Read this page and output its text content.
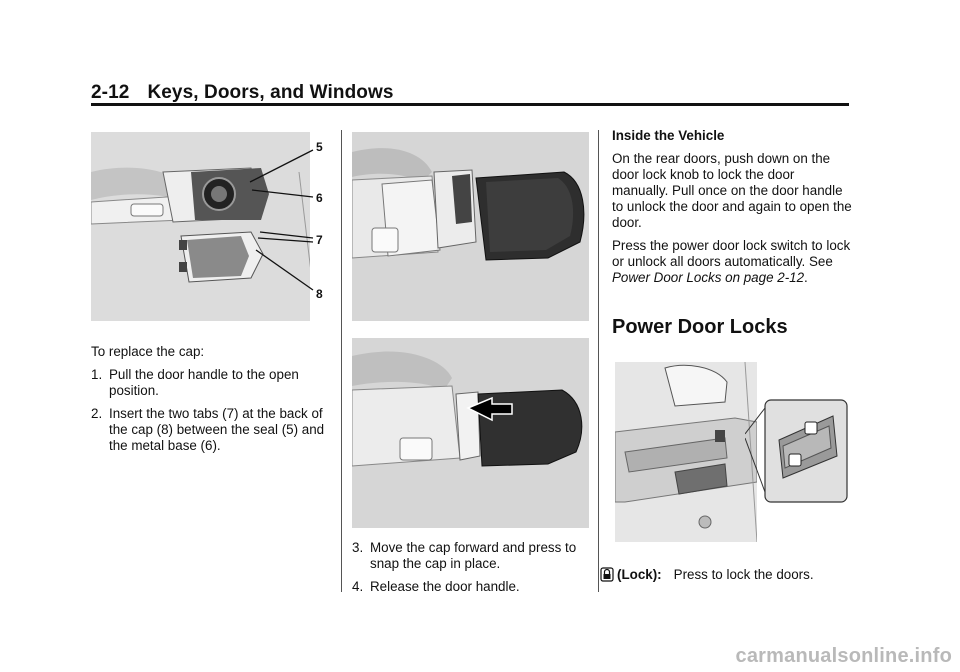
2-12 Keys, Doors, and Windows
5
6
7
8

To replace the cap:

1. Pull the door handle to the open position.
2. Insert the two tabs (7) at the back of the cap (8) between the seal (5) and the metal base (6).
3. Move the cap forward and press to snap the cap in place.
4. Release the door handle.

Inside the Vehicle

On the rear doors, push down on the door lock knob to lock the door manually. Pull once on the door handle to unlock the door and again to open the door.

Press the power door lock switch to lock or unlock all doors automatically. See Power Door Locks on page 2-12.

Power Door Locks
(Lock): Press to lock the doors.
carmanualsonline.info
